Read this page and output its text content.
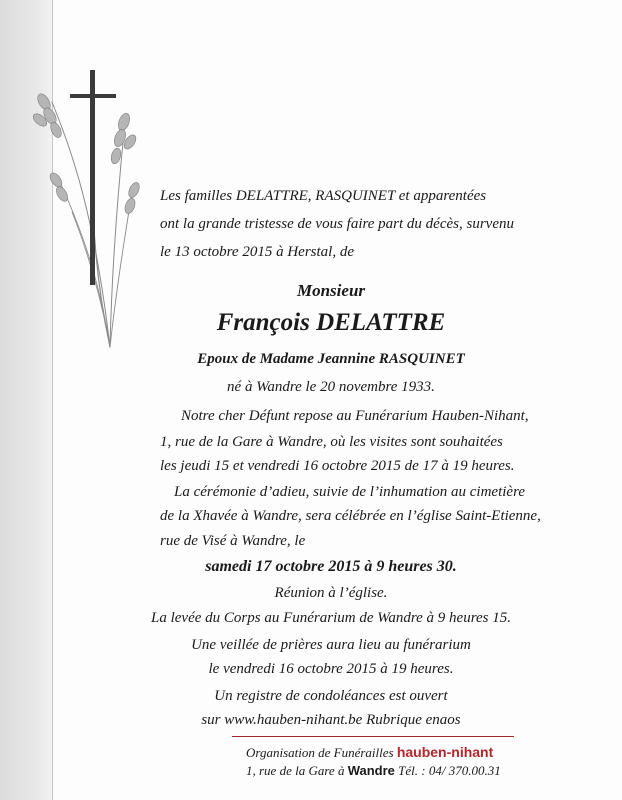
Les familles DELATTRE, RASQUINET et apparentées
ont la grande tristesse de vous faire part du décès, survenu
le 13 octobre 2015 à Herstal, de
Monsieur
François DELATTRE
Epoux de Madame Jeannine RASQUINET
né à Wandre le 20 novembre 1933.
Notre cher Défunt repose au Funérarium Hauben-Nihant,
1, rue de la Gare à Wandre, où les visites sont souhaitées
les jeudi 15 et vendredi 16 octobre 2015 de 17 à 19 heures.
La cérémonie d’adieu, suivie de l’inhumation au cimetière
de la Xhavée à Wandre, sera célébrée en l’église Saint-Etienne,
rue de Visé à Wandre, le
samedi 17 octobre 2015 à 9 heures 30.
Réunion à l’église.
La levée du Corps au Funérarium de Wandre à 9 heures 15.
Une veillée de prières aura lieu au funérarium
le vendredi 16 octobre 2015 à 19 heures.
Un registre de condoléances est ouvert
sur www.hauben-nihant.be Rubrique enaos
Organisation de Funérailles hauben-nihant
1, rue de la Gare à Wandre Tél. : 04/ 370.00.31
